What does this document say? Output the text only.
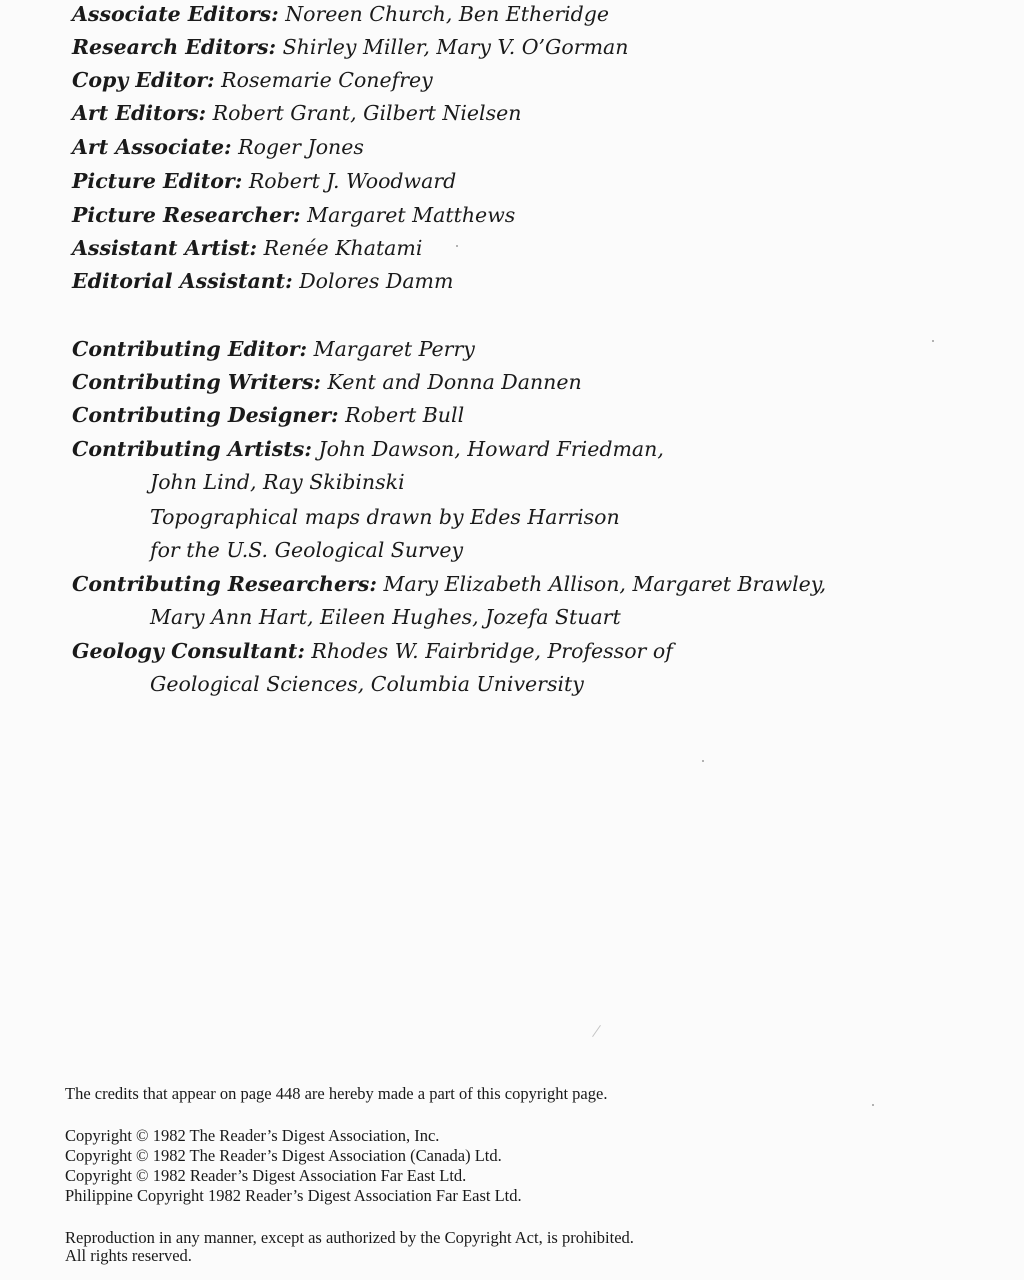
Associate Editors: Noreen Church, Ben Etheridge
Research Editors: Shirley Miller, Mary V. O’Gorman
Copy Editor: Rosemarie Conefrey
Art Editors: Robert Grant, Gilbert Nielsen
Art Associate: Roger Jones
Picture Editor: Robert J. Woodward
Picture Researcher: Margaret Matthews
Assistant Artist: Renée Khatami
Editorial Assistant: Dolores Damm
Contributing Editor: Margaret Perry
Contributing Writers: Kent and Donna Dannen
Contributing Designer: Robert Bull
Contributing Artists: John Dawson, Howard Friedman,
John Lind, Ray Skibinski
Topographical maps drawn by Edes Harrison
for the U.S. Geological Survey
Contributing Researchers: Mary Elizabeth Allison, Margaret Brawley,
Mary Ann Hart, Eileen Hughes, Jozefa Stuart
Geology Consultant: Rhodes W. Fairbridge, Professor of
Geological Sciences, Columbia University
The credits that appear on page 448 are hereby made a part of this copyright page.
Copyright © 1982 The Reader’s Digest Association, Inc.
Copyright © 1982 The Reader’s Digest Association (Canada) Ltd.
Copyright © 1982 Reader’s Digest Association Far East Ltd.
Philippine Copyright 1982 Reader’s Digest Association Far East Ltd.
Reproduction in any manner, except as authorized by the Copyright Act, is prohibited.
All rights reserved.
